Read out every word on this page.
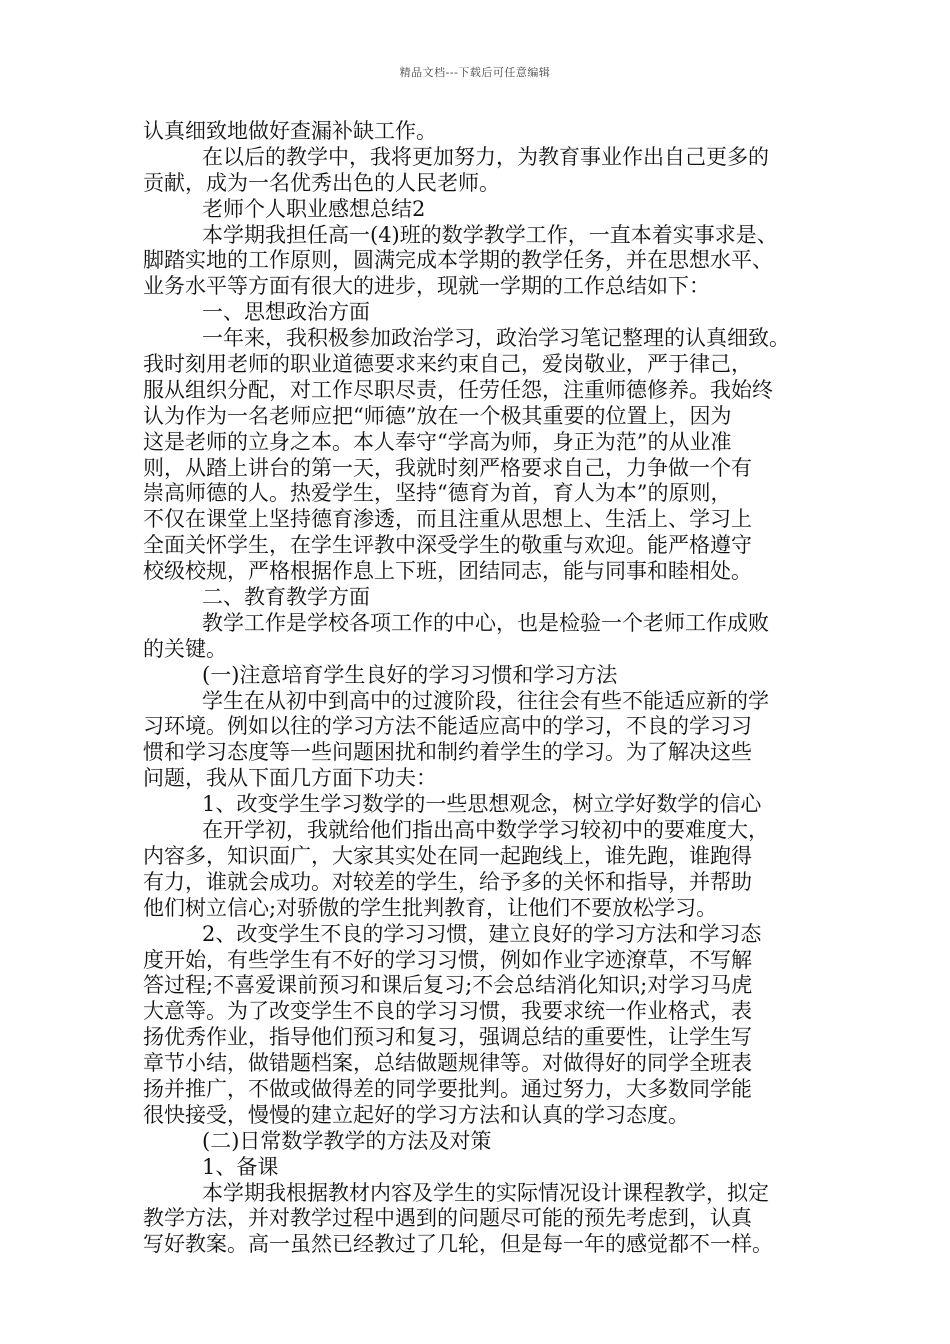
精品文档---下载后可任意编辑
认真细致地做好查漏补缺工作。
在以后的教学中，我将更加努力，为教育事业作出自己更多的
贡献，成为一名优秀出色的人民老师。
老师个人职业感想总结2
本学期我担任高一(4)班的数学教学工作，一直本着实事求是、
脚踏实地的工作原则，圆满完成本学期的教学任务，并在思想水平、
业务水平等方面有很大的进步，现就一学期的工作总结如下：
一、思想政治方面
一年来，我积极参加政治学习，政治学习笔记整理的认真细致。
我时刻用老师的职业道德要求来约束自己，爱岗敬业，严于律己，
服从组织分配，对工作尽职尽责，任劳任怨，注重师德修养。我始终
认为作为一名老师应把“师德”放在一个极其重要的位置上，因为
这是老师的立身之本。本人奉守“学高为师，身正为范”的从业准
则，从踏上讲台的第一天，我就时刻严格要求自己，力争做一个有
崇高师德的人。热爱学生，坚持“德育为首，育人为本”的原则，
不仅在课堂上坚持德育渗透，而且注重从思想上、生活上、学习上
全面关怀学生，在学生评教中深受学生的敬重与欢迎。能严格遵守
校级校规，严格根据作息上下班，团结同志，能与同事和睦相处。
二、教育教学方面
教学工作是学校各项工作的中心，也是检验一个老师工作成败
的关键。
(一)注意培育学生良好的学习习惯和学习方法
学生在从初中到高中的过渡阶段，往往会有些不能适应新的学
习环境。例如以往的学习方法不能适应高中的学习，不良的学习习
惯和学习态度等一些问题困扰和制约着学生的学习。为了解决这些
问题，我从下面几方面下功夫：
1、改变学生学习数学的一些思想观念，树立学好数学的信心
在开学初，我就给他们指出高中数学学习较初中的要难度大，
内容多，知识面广，大家其实处在同一起跑线上，谁先跑，谁跑得
有力，谁就会成功。对较差的学生，给予多的关怀和指导，并帮助
他们树立信心;对骄傲的学生批判教育，让他们不要放松学习。
2、改变学生不良的学习习惯，建立良好的学习方法和学习态
度开始，有些学生有不好的学习习惯，例如作业字迹潦草，不写解
答过程;不喜爱课前预习和课后复习;不会总结消化知识;对学习马虎
大意等。为了改变学生不良的学习习惯，我要求统一作业格式，表
扬优秀作业，指导他们预习和复习，强调总结的重要性，让学生写
章节小结，做错题档案，总结做题规律等。对做得好的同学全班表
扬并推广，不做或做得差的同学要批判。通过努力，大多数同学能
很快接受，慢慢的建立起好的学习方法和认真的学习态度。
(二)日常数学教学的方法及对策
1、备课
本学期我根据教材内容及学生的实际情况设计课程教学，拟定
教学方法，并对教学过程中遇到的问题尽可能的预先考虑到，认真
写好教案。高一虽然已经教过了几轮，但是每一年的感觉都不一样。
